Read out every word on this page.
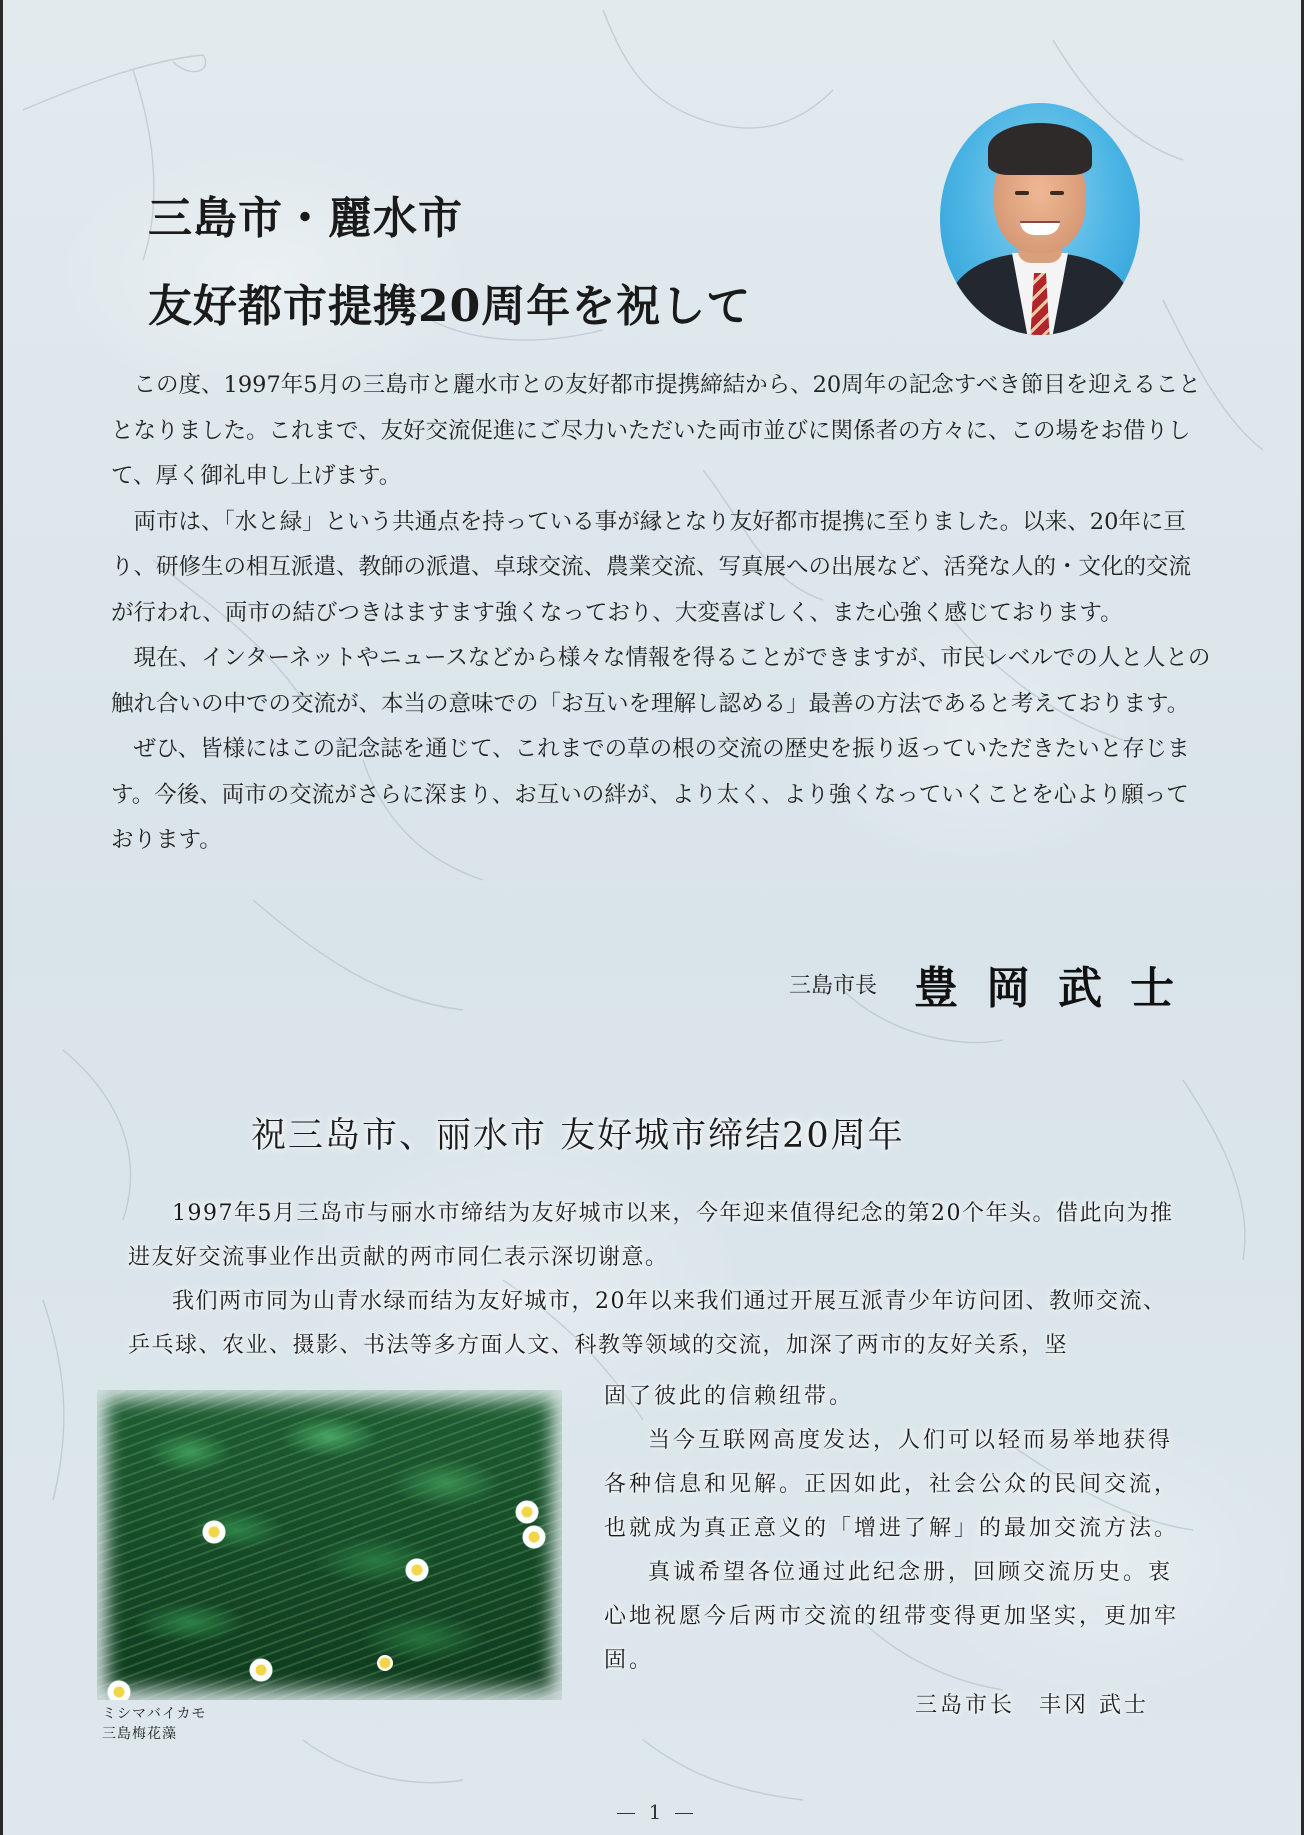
三島市・麗水市
友好都市提携20周年を祝して

この度、1997年5月の三島市と麗水市との友好都市提携締結から、20周年の記念すべき節目を迎えることとなりました。これまで、友好交流促進にご尽力いただいた両市並びに関係者の方々に、この場をお借りして、厚く御礼申し上げます。

両市は、「水と緑」という共通点を持っている事が縁となり友好都市提携に至りました。以来、20年に亘り、研修生の相互派遣、教師の派遣、卓球交流、農業交流、写真展への出展など、活発な人的・文化的交流が行われ、両市の結びつきはますます強くなっており、大変喜ばしく、また心強く感じております。

現在、インターネットやニュースなどから様々な情報を得ることができますが、市民レベルでの人と人との触れ合いの中での交流が、本当の意味での「お互いを理解し認める」最善の方法であると考えております。

ぜひ、皆様にはこの記念誌を通じて、これまでの草の根の交流の歴史を振り返っていただきたいと存じます。今後、両市の交流がさらに深まり、お互いの絆が、より太く、より強くなっていくことを心より願っております。

三島市長 豊岡武士
祝三岛市、丽水市 友好城市缔结20周年

1997年5月三岛市与丽水市缔结为友好城市以来，今年迎来值得纪念的第20个年头。借此向为推进友好交流事业作出贡献的两市同仁表示深切谢意。

我们两市同为山青水绿而结为友好城市，20年以来我们通过开展互派青少年访问团、教师交流、乒乓球、农业、摄影、书法等多方面人文、科教等领域的交流，加深了两市的友好关系，坚

ミシマバイカモ
三島梅花藻

固了彼此的信赖纽带。

当今互联网高度发达，人们可以轻而易举地获得各种信息和见解。正因如此，社会公众的民间交流，也就成为真正意义的「增进了解」的最加交流方法。

真诚希望各位通过此纪念册，回顾交流历史。衷心地祝愿今后两市交流的纽带变得更加坚实，更加牢固。

三岛市长 丰冈 武士
1
